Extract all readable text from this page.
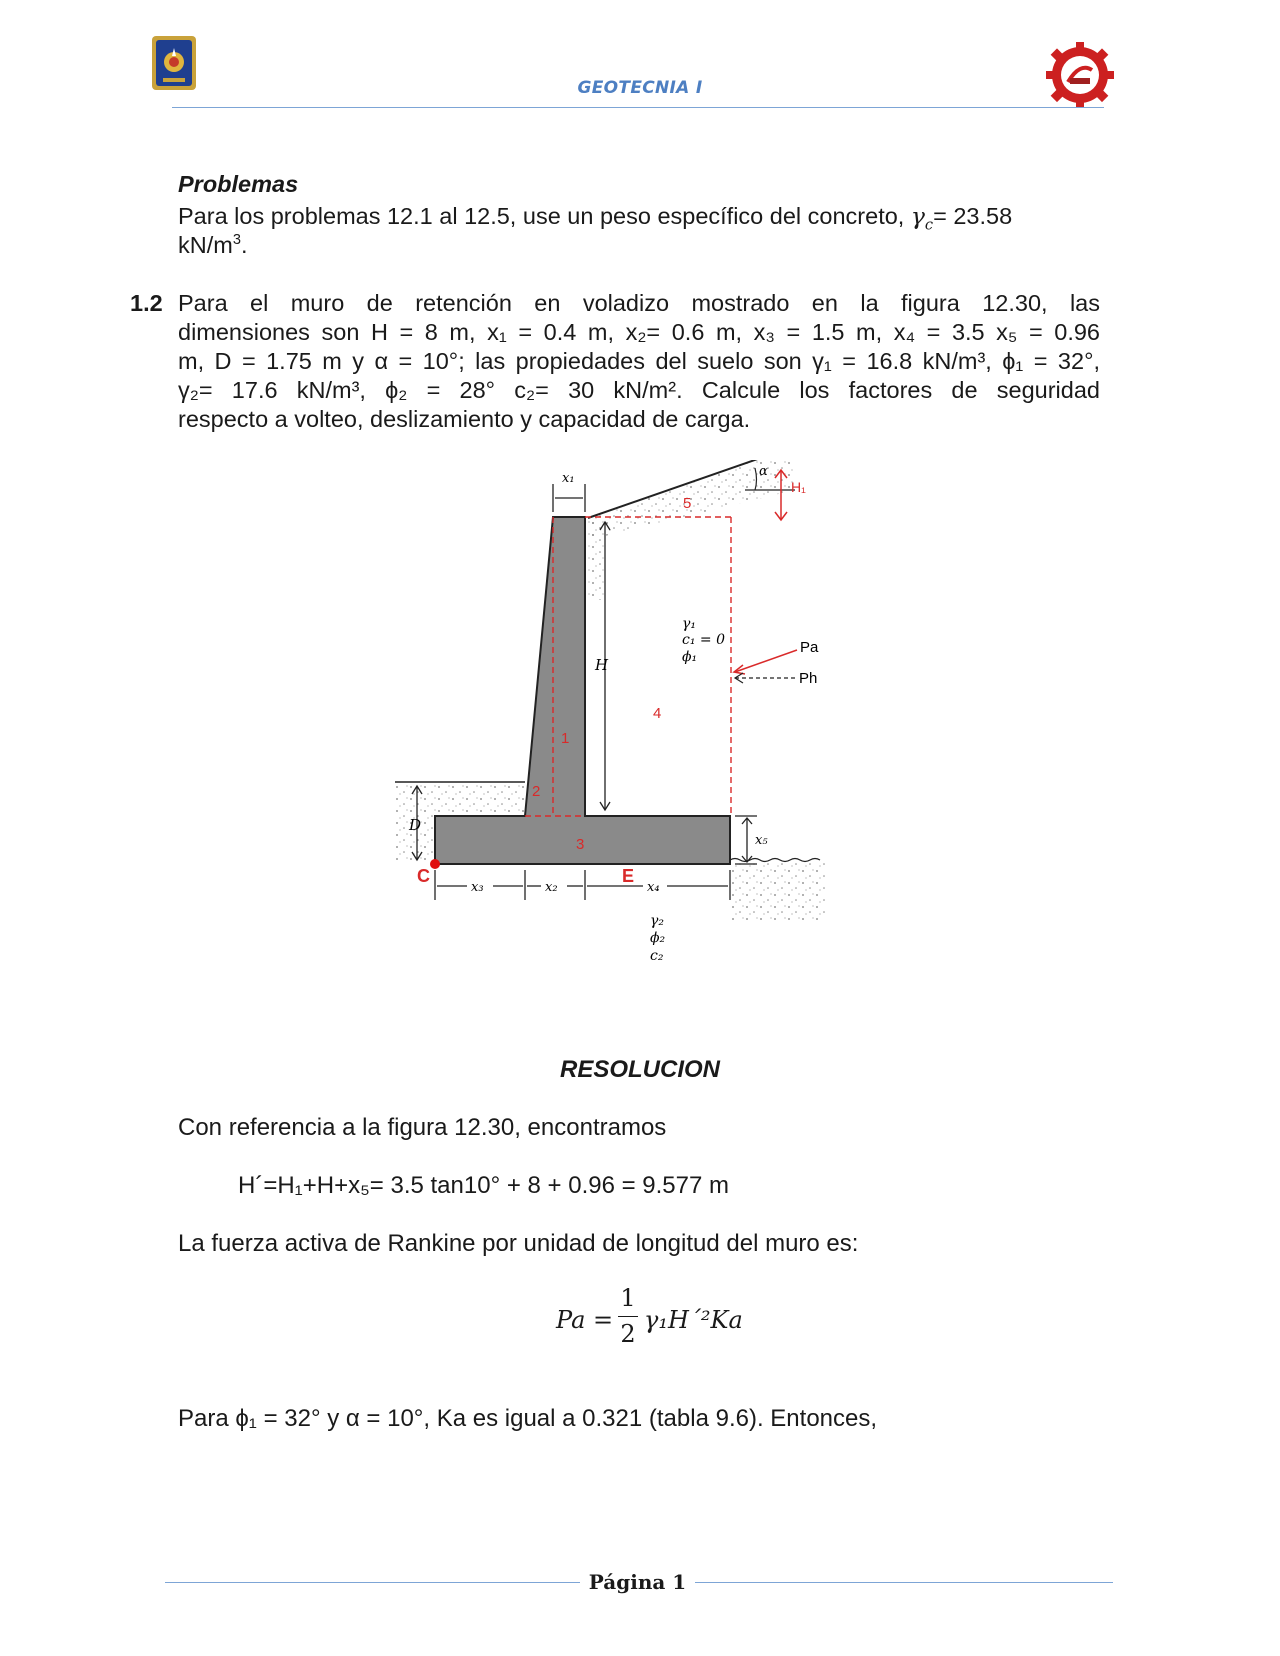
GEOTECNIA I
Problemas
Para los problemas 12.1 al 12.5, use un peso específico del concreto, $\gamma_c= 23.58$
$kN/m^3$.
1.2 Para el muro de retención en voladizo mostrado en la figura 12.30, las
dimensiones son H = 8 m, x₁ = 0.4 m, x₂= 0.6 m, x₃ = 1.5 m, x₄ = 3.5 x₅ = 0.96
m, D = 1.75 m y α = 10°; las propiedades del suelo son γ₁ = 16.8 kN/m³, ϕ₁ = 32°,
γ₂= 17.6 kN/m³, ϕ₂ = 28° c₂= 30 kN/m². Calcule los factores de seguridad
respecto a volteo, deslizamiento y capacidad de carga.
5
4
1
2
3
x₁	α
H₁
H
γ₁
c₁ = 0
ϕ₁
Pa
Ph
D
x₅
C	E
x₃	x₂	x₄
γ₂
ϕ₂
c₂
RESOLUCION
Con referencia a la figura 12.30, encontramos
H´=H₁+H+x₅= 3.5 tan10° + 8 + 0.96 = 9.577 m
La fuerza activa de Rankine por unidad de longitud del muro es:
Pa =
1
2 γ₁H´²Ka
Para ϕ₁ = 32° y α = 10°, Ka es igual a 0.321 (tabla 9.6). Entonces,
Página 1
